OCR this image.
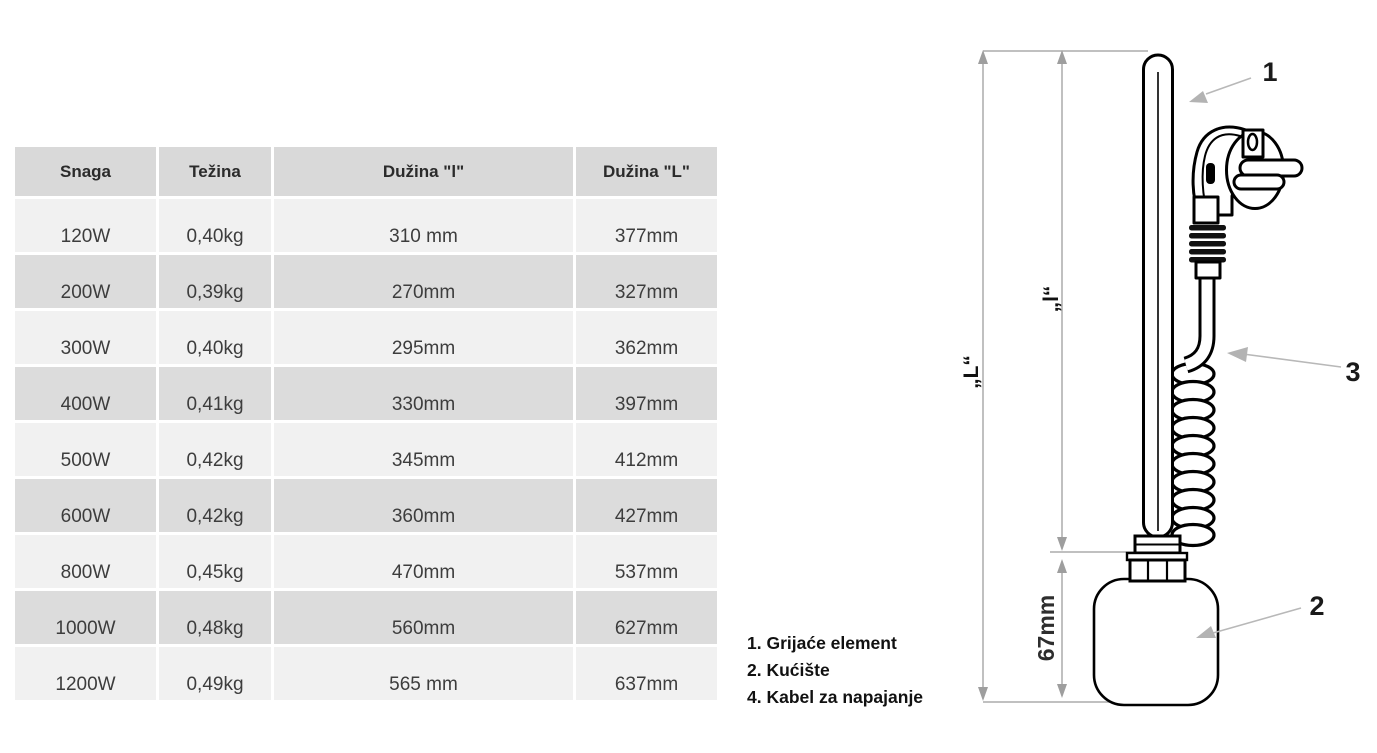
Snaga	Težina	Dužina "l"	Dužina "L"
120W	0,40kg	310 mm	377mm
200W	0,39kg	270mm	327mm
300W	0,40kg	295mm	362mm
400W	0,41kg	330mm	397mm
500W	0,42kg	345mm	412mm
600W	0,42kg	360mm	427mm
800W	0,45kg	470mm	537mm
1000W	0,48kg	560mm	627mm
1200W	0,49kg	565 mm	637mm
1. Grijaće element
2. Kućište
4. Kabel za napajanje
„L“
„l“
67mm
1
3
2
